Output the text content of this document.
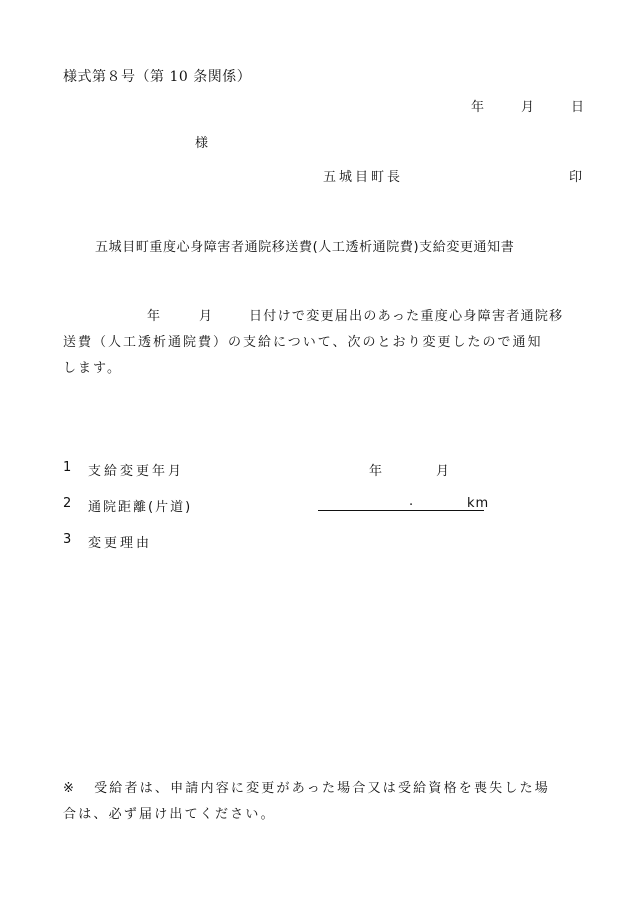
様式第８号（第 10 条関係）
年	月	日
様
五城目町長	印
五城目町重度心身障害者通院移送費(人工透析通院費)支給変更通知書
年	月	日付けで変更届出のあった重度心身障害者通院移
送費（人工透析通院費）の支給について、次のとおり変更したので通知
します。
1 支給変更年月	年	月
2 通院距離(片道)	.	km
3 変更理由
※ 受給者は、申請内容に変更があった場合又は受給資格を喪失した場
合は、必ず届け出てください。
